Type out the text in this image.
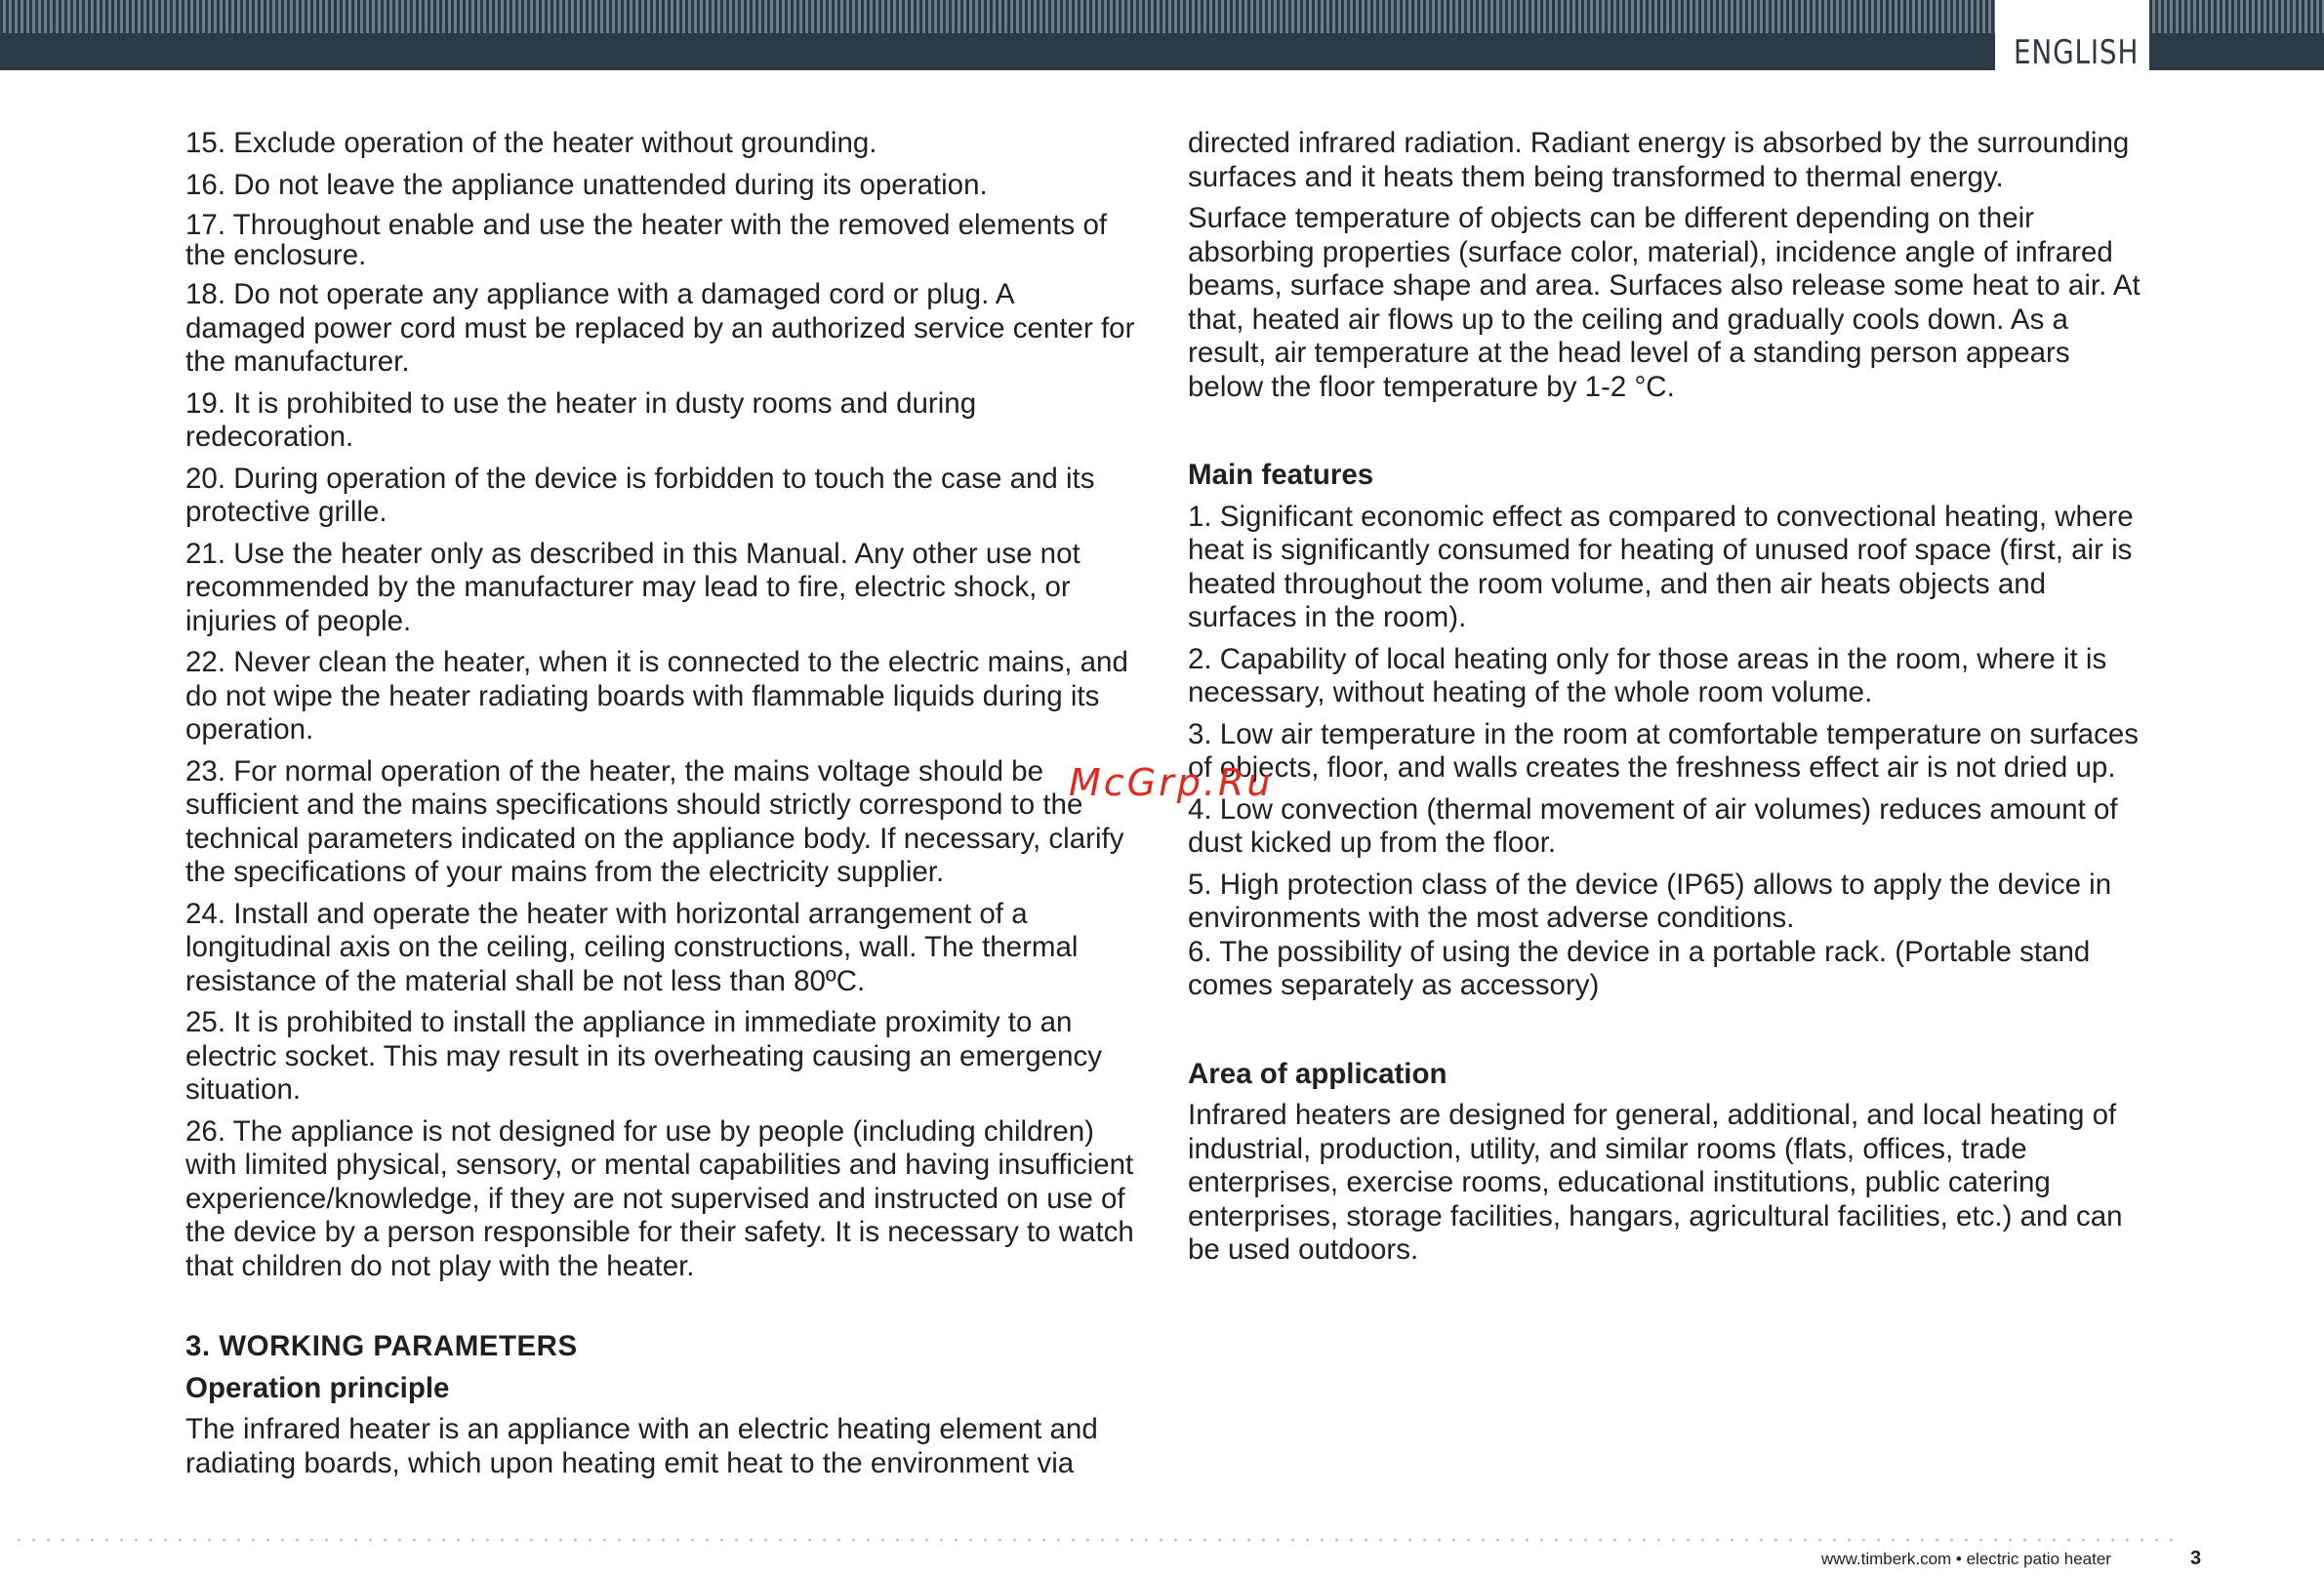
ENGLISH

15. Exclude operation of the heater without grounding.

16. Do not leave the appliance unattended during its operation.

17. Throughout enable and use the heater with the removed elements of the enclosure.

18. Do not operate any appliance with a damaged cord or plug. A damaged power cord must be replaced by an authorized service center for the manufacturer.

19. It is prohibited to use the heater in dusty rooms and during redecoration.

20. During operation of the device is forbidden to touch the case and its protective grille.

21. Use the heater only as described in this Manual. Any other use not recommended by the manufacturer may lead to fire, electric shock, or injuries of people.

22. Never clean the heater, when it is connected to the electric mains, and do not wipe the heater radiating boards with flammable liquids during its operation.

23. For normal operation of the heater, the mains voltage should be sufficient and the mains specifications should strictly correspond to the technical parameters indicated on the appliance body. If necessary, clarify the specifications of your mains from the electricity supplier.

24. Install and operate the heater with horizontal arrangement of a longitudinal axis on the ceiling, ceiling constructions, wall. The thermal resistance of the material shall be not less than 80ºC.

25. It is prohibited to install the appliance in immediate proximity to an electric socket. This may result in its overheating causing an emergency situation.

26. The appliance is not designed for use by people (including children) with limited physical, sensory, or mental capabilities and having insufficient experience/knowledge, if they are not supervised and instructed on use of the device by a person responsible for their safety. It is necessary to watch that children do not play with the heater.

3. WORKING PARAMETERS
Operation principle

The infrared heater is an appliance with an electric heating element and radiating boards, which upon heating emit heat to the environment via

directed infrared radiation. Radiant energy is absorbed by the surrounding surfaces and it heats them being transformed to thermal energy.

Surface temperature of objects can be different depending on their absorbing properties (surface color, material), incidence angle of infrared beams, surface shape and area. Surfaces also release some heat to air. At that, heated air flows up to the ceiling and gradually cools down. As a result, air temperature at the head level of a standing person appears below the floor temperature by 1-2 °C.

Main features

1. Significant economic effect as compared to convectional heating, where heat is significantly consumed for heating of unused roof space (first, air is heated throughout the room volume, and then air heats objects and surfaces in the room).

2. Capability of local heating only for those areas in the room, where it is necessary, without heating of the whole room volume.

3. Low air temperature in the room at comfortable temperature on surfaces of objects, floor, and walls creates the freshness effect air is not dried up.

4. Low convection (thermal movement of air volumes) reduces amount of dust kicked up from the floor.

5. High protection class of the device (IP65) allows to apply the device in environments with the most adverse conditions.

6. The possibility of using the device in a portable rack. (Portable stand comes separately as accessory)

Area of application

Infrared heaters are designed for general, additional, and local heating of industrial, production, utility, and similar rooms (flats, offices, trade enterprises, exercise rooms, educational institutions, public catering enterprises, storage facilities, hangars, agricultural facilities, etc.) and can be used outdoors.

McGrp.Ru
www.timberk.com • electric patio heater	3
